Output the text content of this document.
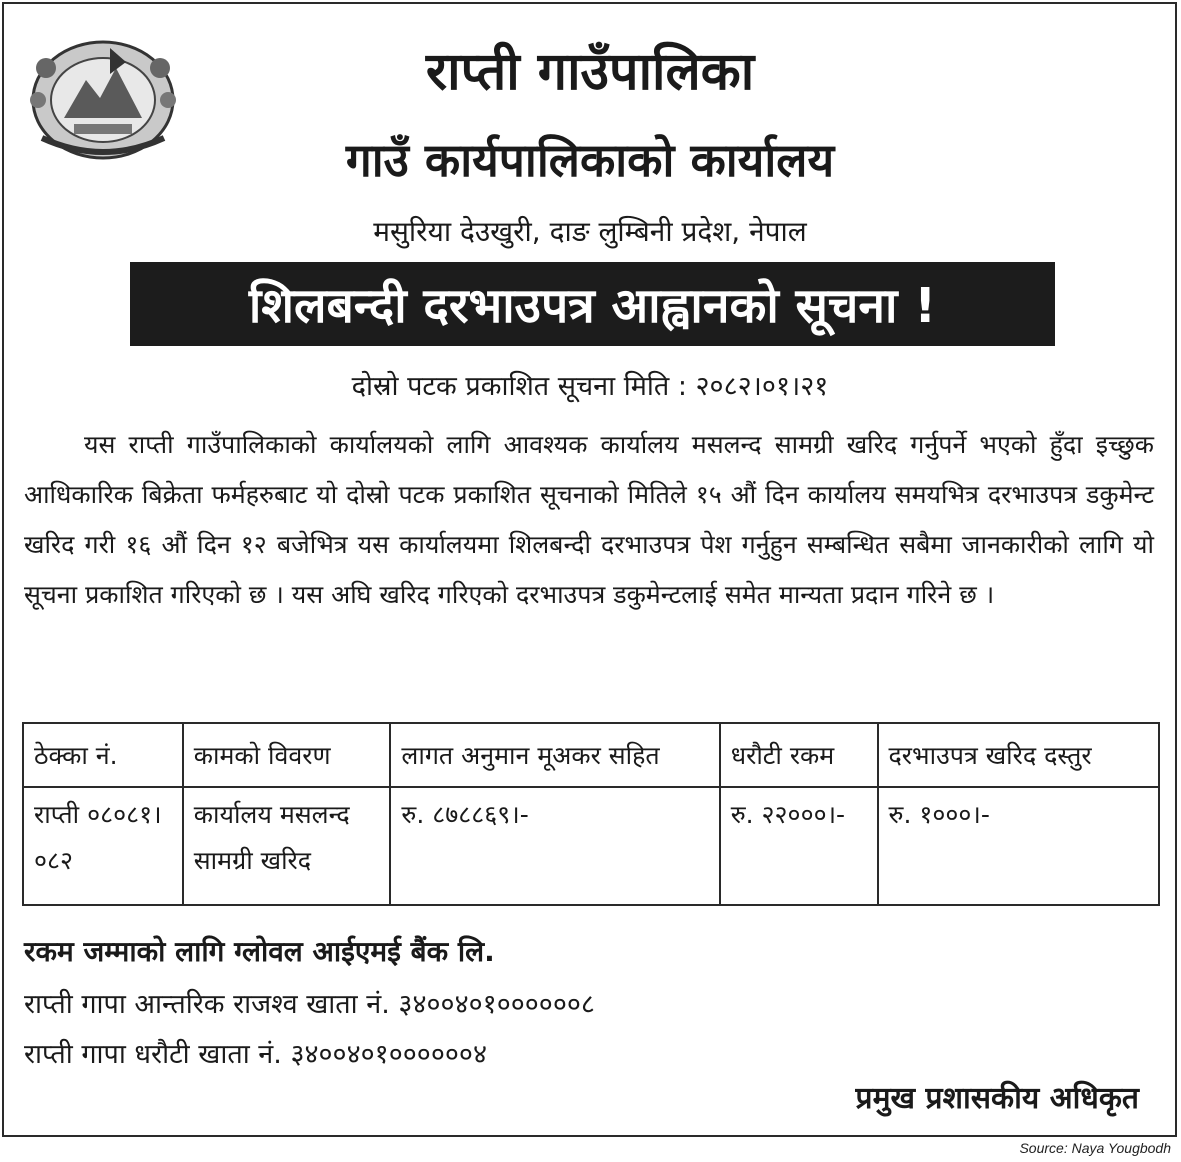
राप्ती गाउँपालिका
गाउँ कार्यपालिकाको कार्यालय
मसुरिया देउखुरी, दाङ लुम्बिनी प्रदेश, नेपाल
शिलबन्दी दरभाउपत्र आह्वानको सूचना !
दोस्रो पटक प्रकाशित सूचना मिति : २०८२।०१।२१
यस राप्ती गाउँपालिकाको कार्यालयको लागि आवश्यक कार्यालय मसलन्द सामग्री खरिद गर्नुपर्ने भएको हुँदा इच्छुक आधिकारिक बिक्रेता फर्महरुबाट यो दोस्रो पटक प्रकाशित सूचनाको मितिले १५ औं दिन कार्यालय समयभित्र दरभाउपत्र डकुमेन्ट खरिद गरी १६ औं दिन १२ बजेभित्र यस कार्यालयमा शिलबन्दी दरभाउपत्र पेश गर्नुहुन सम्बन्धित सबैमा जानकारीको लागि यो सूचना प्रकाशित गरिएको छ । यस अघि खरिद गरिएको दरभाउपत्र डकुमेन्टलाई समेत मान्यता प्रदान गरिने छ ।
ठेक्का नं.	कामको विवरण	लागत अनुमान मूअकर सहित	धरौटी रकम	दरभाउपत्र खरिद दस्तुर
राप्ती ०८०८१।०८२	कार्यालय मसलन्द सामग्री खरिद	रु. ८७८८६९।-	रु. २२०००।-	रु. १०००।-
रकम जम्माको लागि ग्लोवल आईएमई बैंक लि.
राप्ती गापा आन्तरिक राजश्व खाता नं. ३४००४०१००००००८
राप्ती गापा धरौटी खाता नं. ३४००४०१००००००४
प्रमुख प्रशासकीय अधिकृत
Source: Naya Yougbodh
